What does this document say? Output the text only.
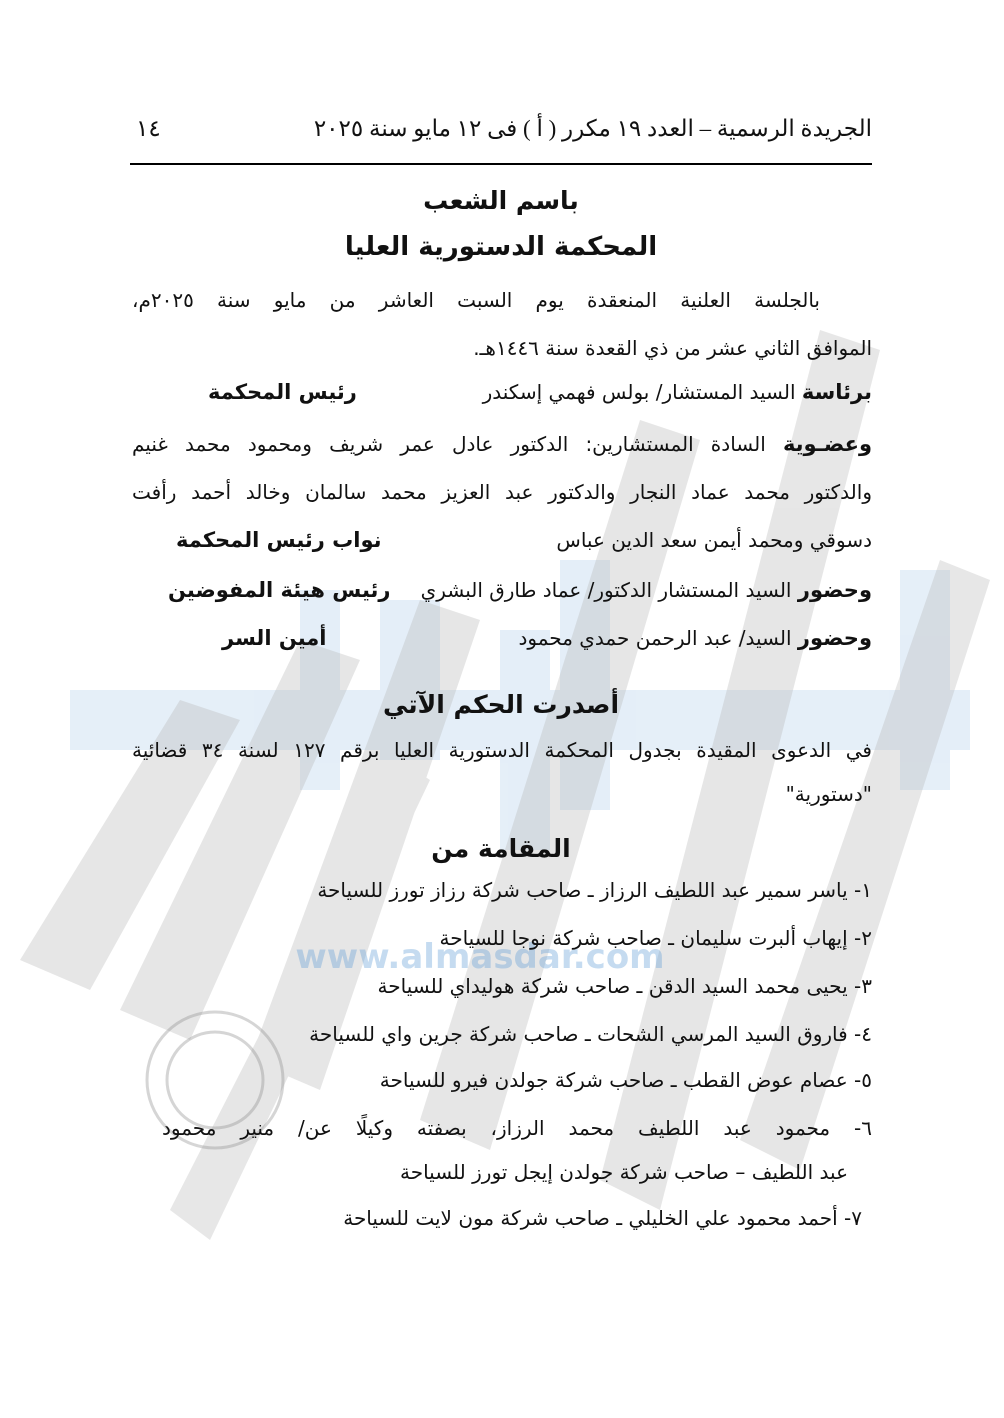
www.almasdar.com
الجريدة الرسمية – العدد ١٩ مكرر ( أ ) فى ١٢ مايو سنة ٢٠٢٥
١٤
باسم الشعب
المحكمة الدستورية العليا
بالجلسة العلنية المنعقدة يوم السبت العاشر من مايو سنة ٢٠٢٥م،
الموافق الثاني عشر من ذي القعدة سنة ١٤٤٦هـ.
برئاسة السيد المستشار/ بولس فهمي إسكندر
رئيس المحكمة
وعضـوية السادة المستشارين: الدكتور عادل عمر شريف ومحمود محمد غنيم
والدكتور محمد عماد النجار والدكتور عبد العزيز محمد سالمان وخالد أحمد رأفت
دسوقي ومحمد أيمن سعد الدين عباس
نواب رئيس المحكمة
وحضور السيد المستشار الدكتور/ عماد طارق البشري
رئيس هيئة المفوضين
وحضور السيد/ عبد الرحمن حمدي محمود
أمين السر
أصدرت الحكم الآتي
في الدعوى المقيدة بجدول المحكمة الدستورية العليا برقم ١٢٧ لسنة ٣٤ قضائية
"دستورية"
المقامة من
١- ياسر سمير عبد اللطيف الرزاز ـ صاحب شركة رزاز تورز للسياحة
٢- إيهاب ألبرت سليمان ـ صاحب شركة نوجا للسياحة
٣- يحيى محمد السيد الدقن ـ صاحب شركة هوليداي للسياحة
٤- فاروق السيد المرسي الشحات ـ صاحب شركة جرين واي للسياحة
٥- عصام عوض القطب ـ صاحب شركة جولدن فيرو للسياحة
٦- محمود عبد اللطيف محمد الرزاز، بصفته وكيلًا عن/ منير محمود
عبد اللطيف – صاحب شركة جولدن إيجل تورز للسياحة
٧- أحمد محمود علي الخليلي ـ صاحب شركة مون لايت للسياحة
